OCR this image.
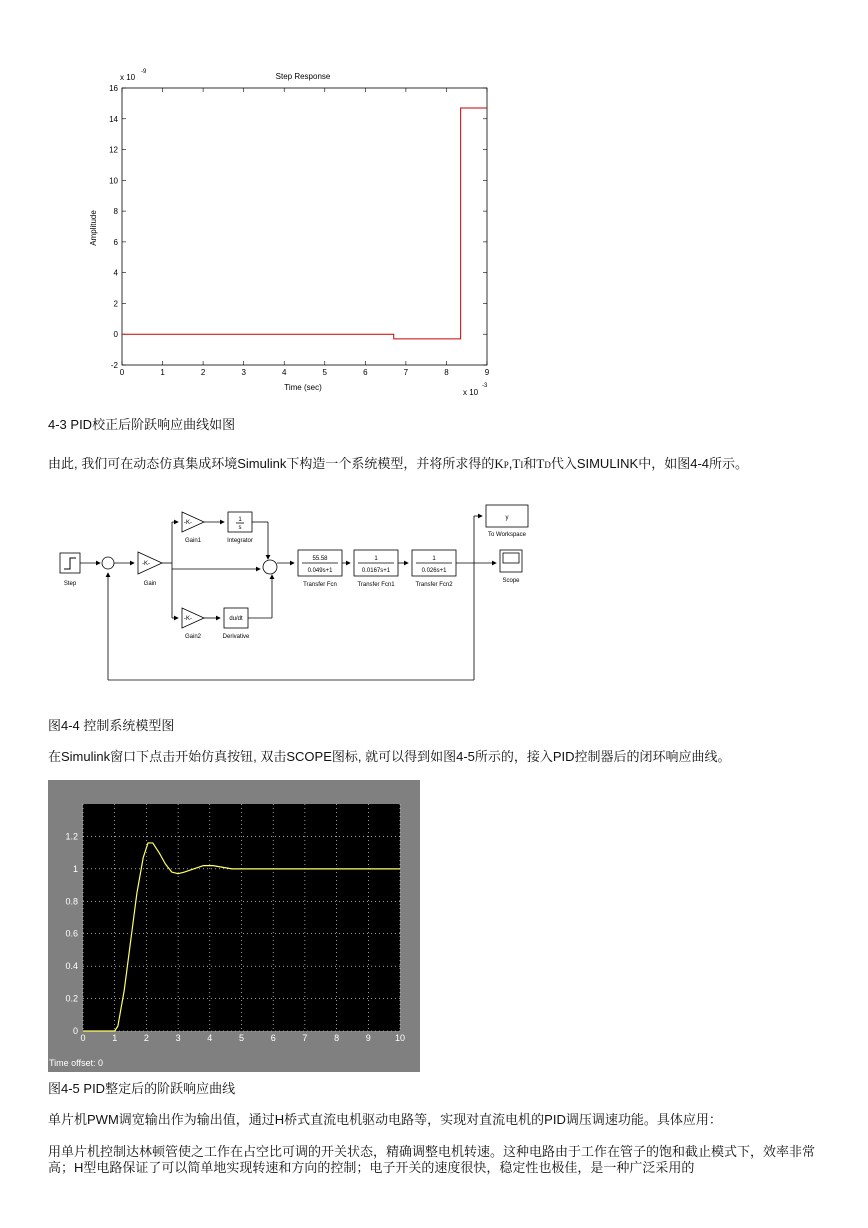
0	1	2	3	4	5	6	7	8	9
16
14
12
10
8
6
4
2
0
-2
Step Response
Amplitude
Time (sec)
x 10
-9
x 10
-3
4-3 PID校正后阶跃响应曲线如图
由此, 我们可在动态仿真集成环境Simulink下构造一个系统模型，并将所求得的KP,TI和TD代入SIMULINK中，如图4-4所示。
-K-
-K-
-K-
1
s
du/dt
55.58
0.049s+1
1
0.0167s+1
1
0.026s+1
y
Step	Gain
Gain1	Integrator
Gain2	Derivative
Transfer Fcn	Transfer Fcn1	Transfer Fcn2
To Workspace
Scope
图4-4 控制系统模型图
在Simulink窗口下点击开始仿真按钮, 双击SCOPE图标, 就可以得到如图4-5所示的，接入PID控制器后的闭环响应曲线。
0	1	2	3	4	5	6	7	8	9	10
1.2
1
0.8
0.6
0.4
0.2
0
Time offset: 0
图4-5 PID整定后的阶跃响应曲线
单片机PWM调宽输出作为输出值，通过H桥式直流电机驱动电路等，实现对直流电机的PID调压调速功能。具体应用：
用单片机控制达林顿管使之工作在占空比可调的开关状态，精确调整电机转速。这种电路由于工作在管子的饱和截止模式下，效率非常高；H型电路保证了可以简单地实现转速和方向的控制；电子开关的速度很快，稳定性也极佳，是一种广泛采用的
